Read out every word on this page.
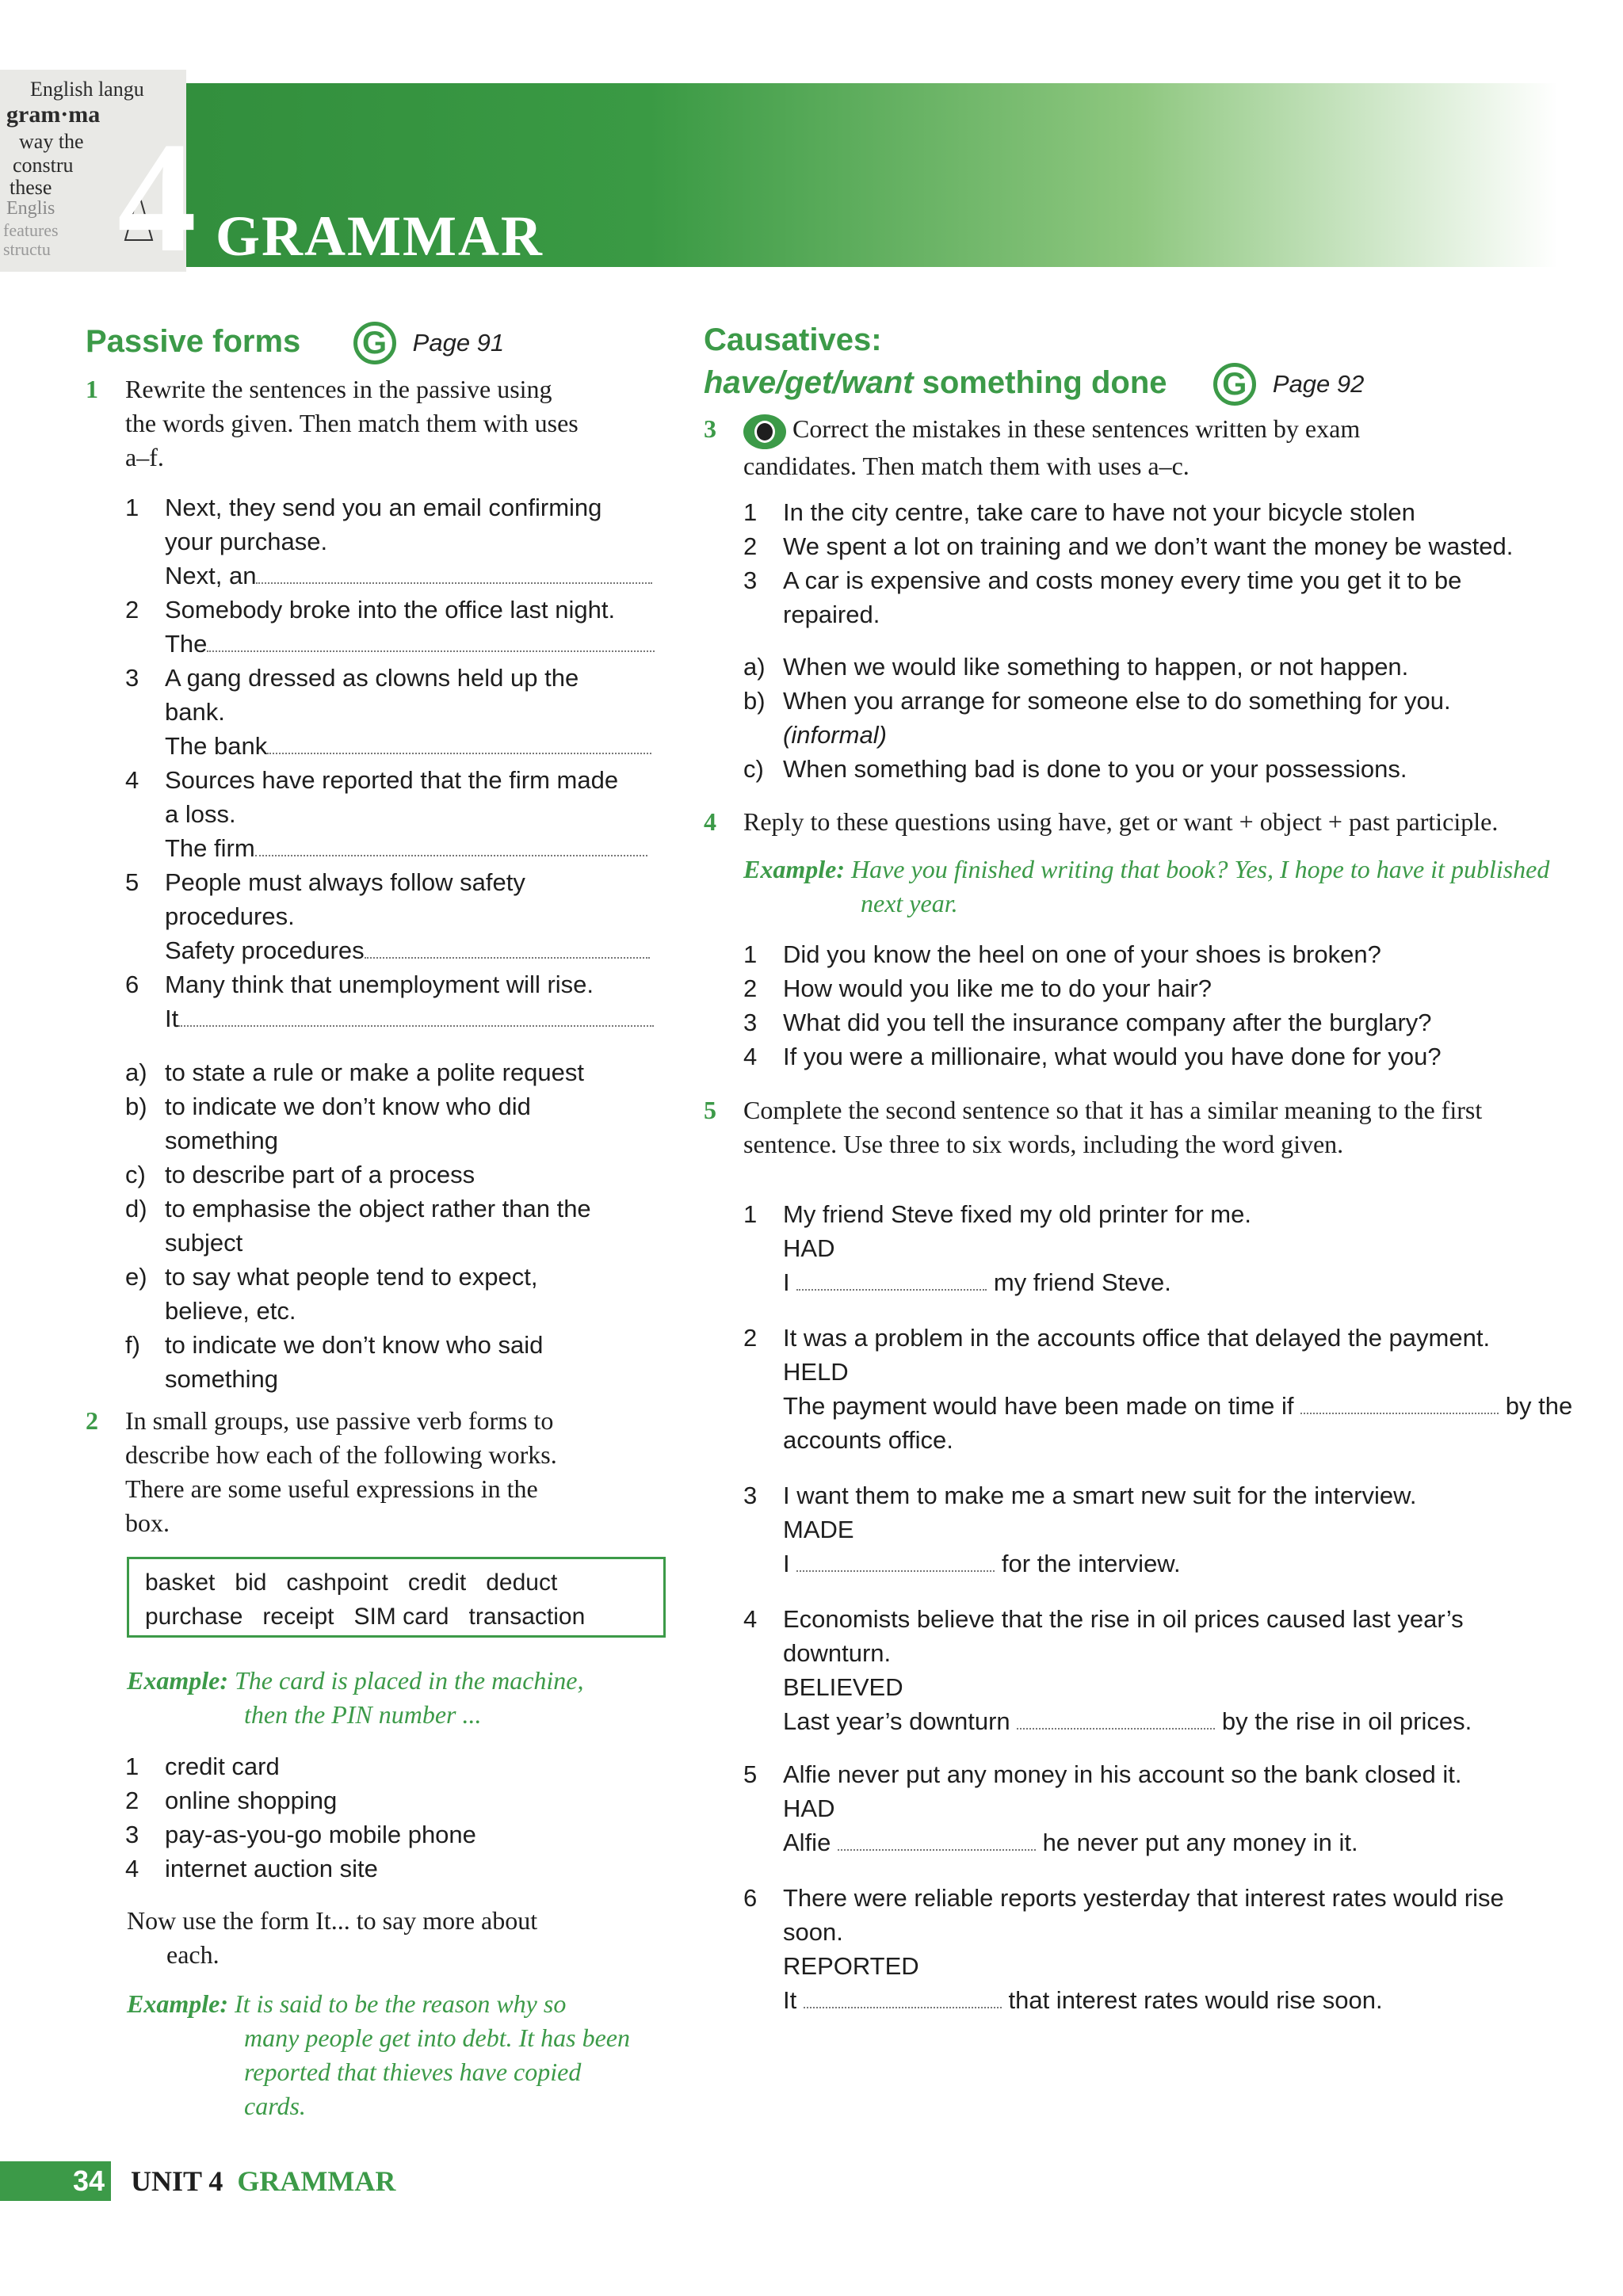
English langu
gram·ma
way the
constru
these
Englis
features
structu 4 GRAMMAR
Passive forms G Page 91
1 Rewrite the sentences in the passive using
the words given. Then match them with uses
a–f.
1 Next, they send you an email confirming
your purchase.
Next, an
2 Somebody broke into the office last night.
The
3 A gang dressed as clowns held up the
bank.
The bank
4 Sources have reported that the firm made
a loss.
The firm
5 People must always follow safety
procedures.
Safety procedures
6 Many think that unemployment will rise.
It
a) to state a rule or make a polite request
b) to indicate we don’t know who did
something
c) to describe part of a process
d) to emphasise the object rather than the
subject
e) to say what people tend to expect,
believe, etc.
f) to indicate we don’t know who said
something
2 In small groups, use passive verb forms to
describe how each of the following works.
There are some useful expressions in the
box.
basket   bid   cashpoint   credit   deduct
purchase   receipt   SIM card   transaction
Example: The card is placed in the machine,
then the PIN number ...
1 credit card
2 online shopping
3 pay-as-you-go mobile phone
4 internet auction site
Now use the form It... to say more about
each.
Example: It is said to be the reason why so
many people get into debt. It has been
reported that thieves have copied
cards.
Causatives:
have/get/want something done G Page 92
3	Correct the mistakes in these sentences written by exam
candidates. Then match them with uses a–c.
1 In the city centre, take care to have not your bicycle stolen
2 We spent a lot on training and we don’t want the money be wasted.
3 A car is expensive and costs money every time you get it to be
repaired.
a) When we would like something to happen, or not happen.
b) When you arrange for someone else to do something for you.
(informal)
c) When something bad is done to you or your possessions.
4 Reply to these questions using have, get or want + object + past participle.
Example: Have you finished writing that book? Yes, I hope to have it published
next year.
1 Did you know the heel on one of your shoes is broken?
2 How would you like me to do your hair?
3 What did you tell the insurance company after the burglary?
4 If you were a millionaire, what would you have done for you?
5 Complete the second sentence so that it has a similar meaning to the first
sentence. Use three to six words, including the word given.
1 My friend Steve fixed my old printer for me.
HAD
I	my friend Steve.
2 It was a problem in the accounts office that delayed the payment.
HELD
The payment would have been made on time if	by the
accounts office.
3 I want them to make me a smart new suit for the interview.
MADE
I	for the interview.
4 Economists believe that the rise in oil prices caused last year’s
downturn.
BELIEVED
Last year’s downturn	by the rise in oil prices.
5 Alfie never put any money in his account so the bank closed it.
HAD
Alfie	he never put any money in it.
6 There were reliable reports yesterday that interest rates would rise
soon.
REPORTED
It	that interest rates would rise soon.
34 UNIT 4 GRAMMAR
